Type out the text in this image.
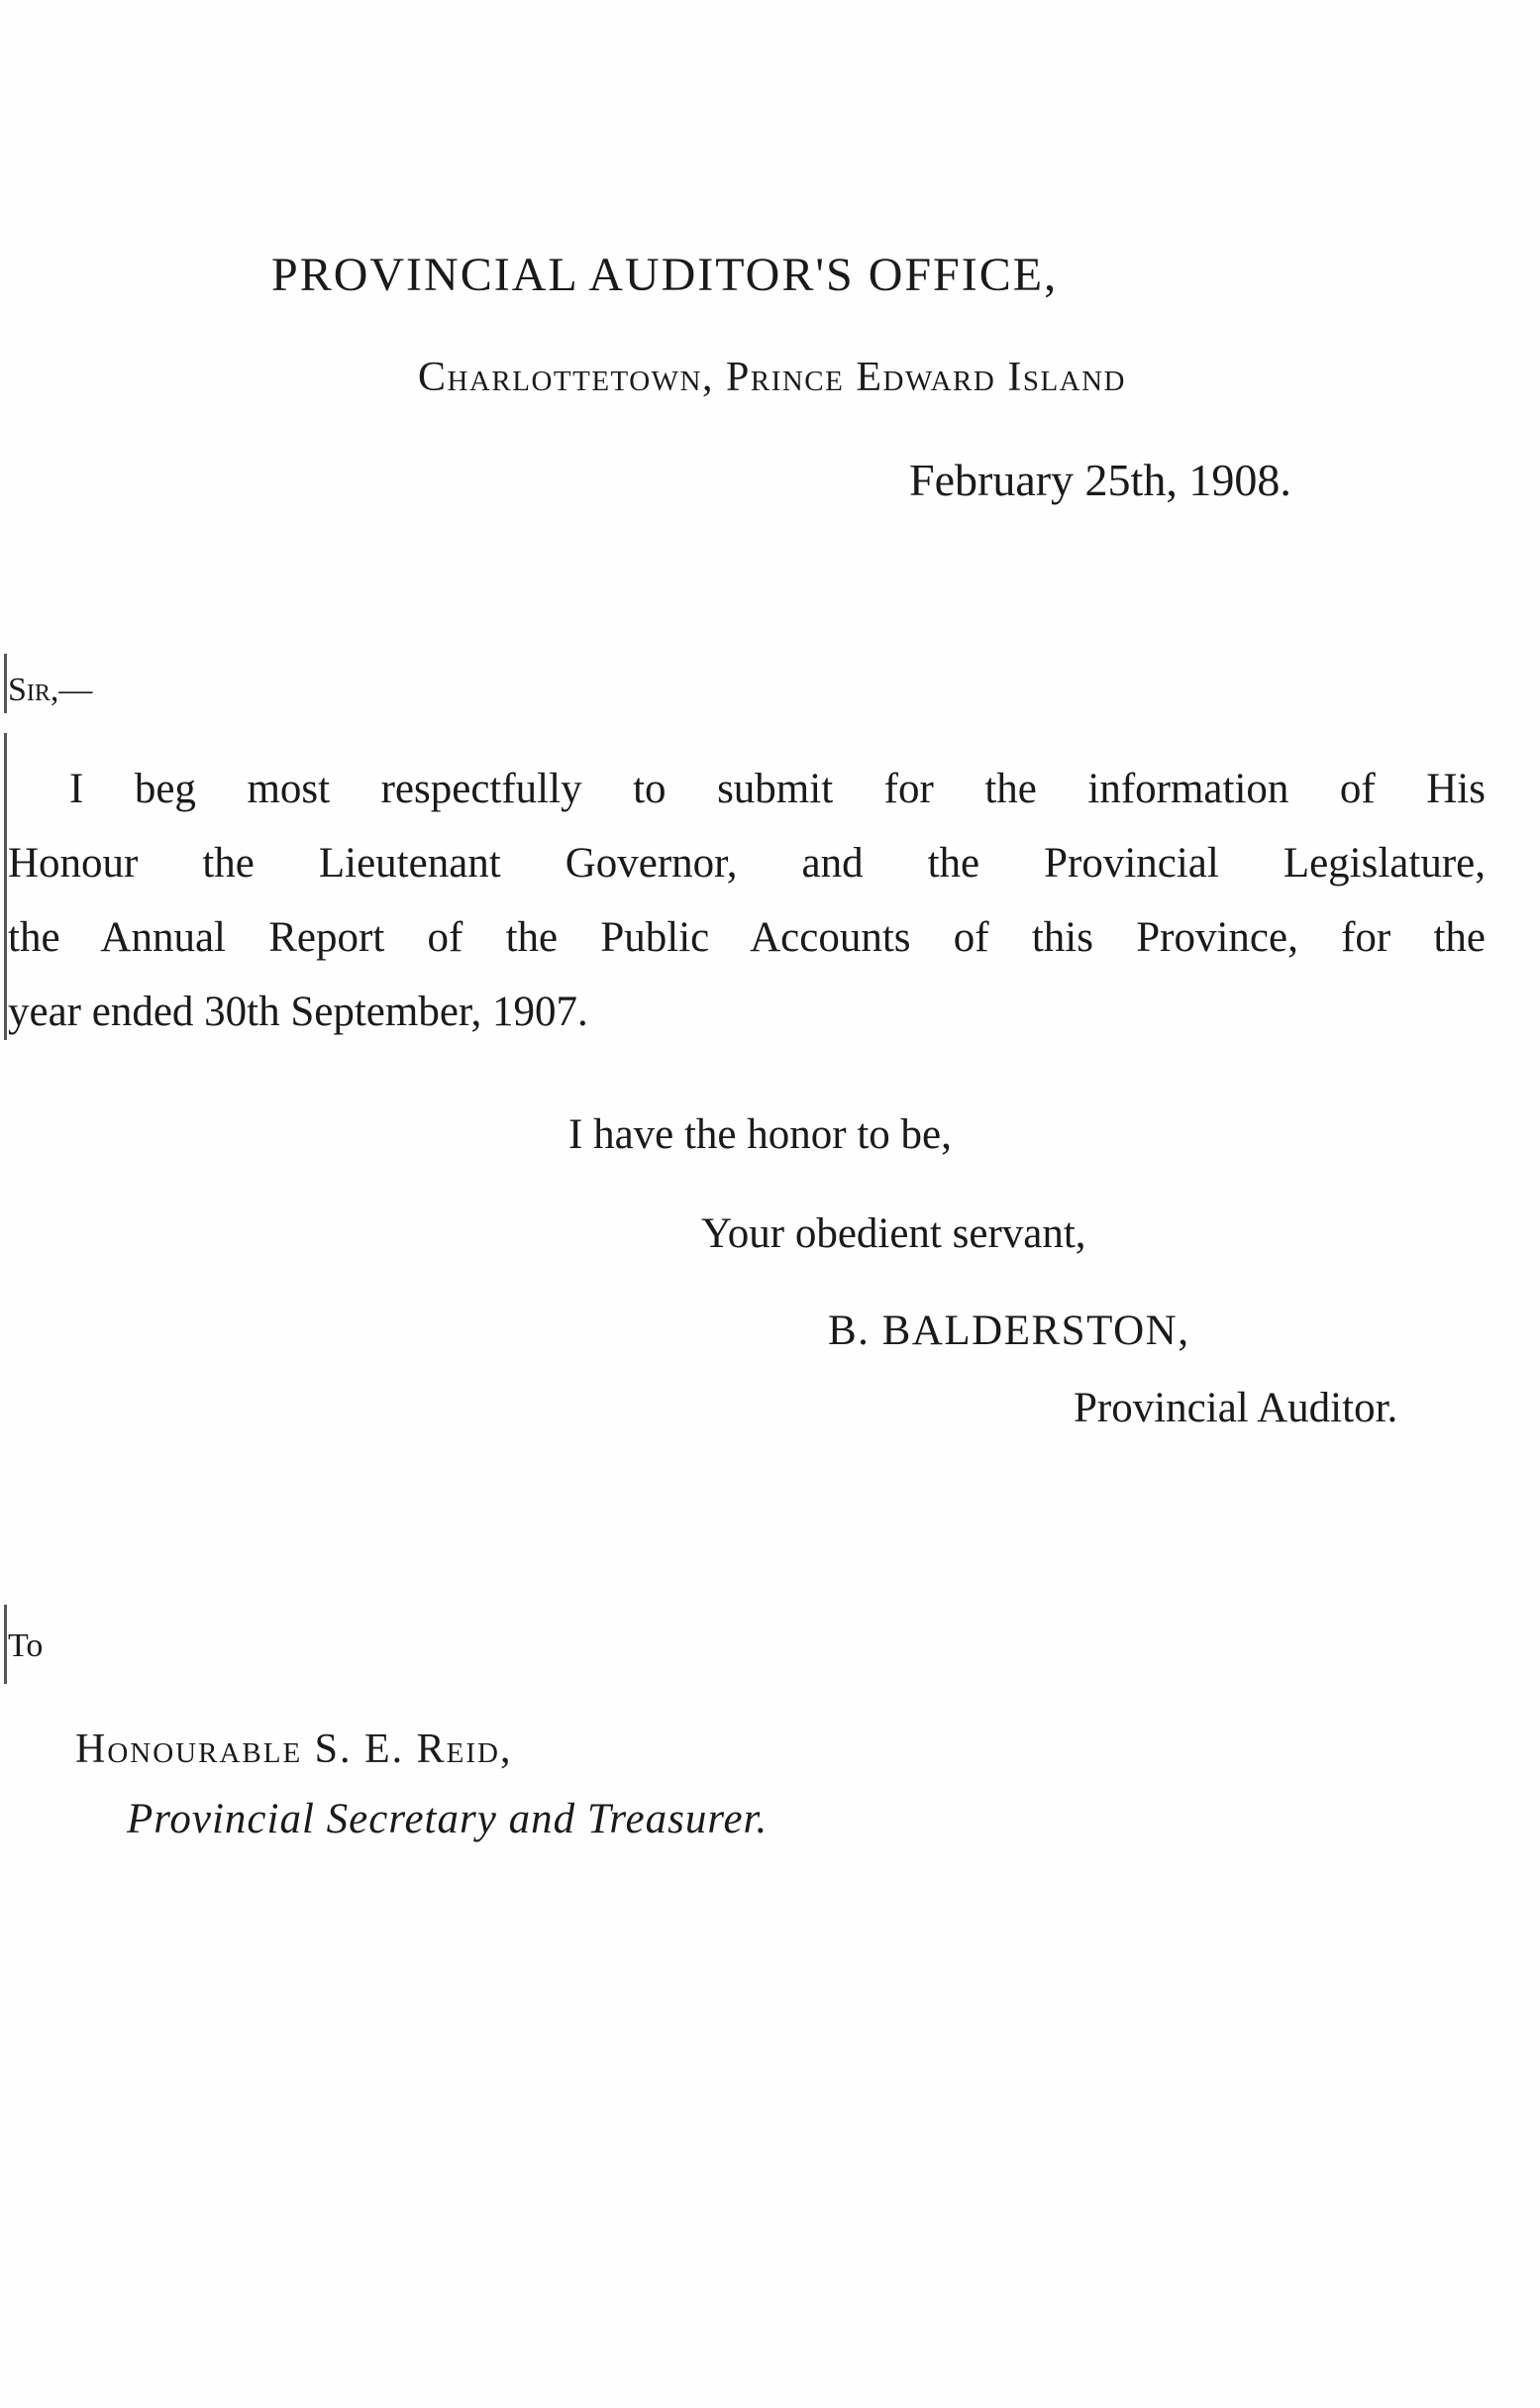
PROVINCIAL AUDITOR'S OFFICE,
Charlottetown, Prince Edward Island
February 25th, 1908.
Sir,—
I beg most respectfully to submit for the information of His
Honour the Lieutenant Governor, and the Provincial Legislature,
the Annual Report of the Public Accounts of this Province, for the
year ended 30th September, 1907.
I have the honor to be,
Your obedient servant,
B. BALDERSTON,
Provincial Auditor.
To
Honourable S. E. Reid,
Provincial Secretary and Treasurer.
